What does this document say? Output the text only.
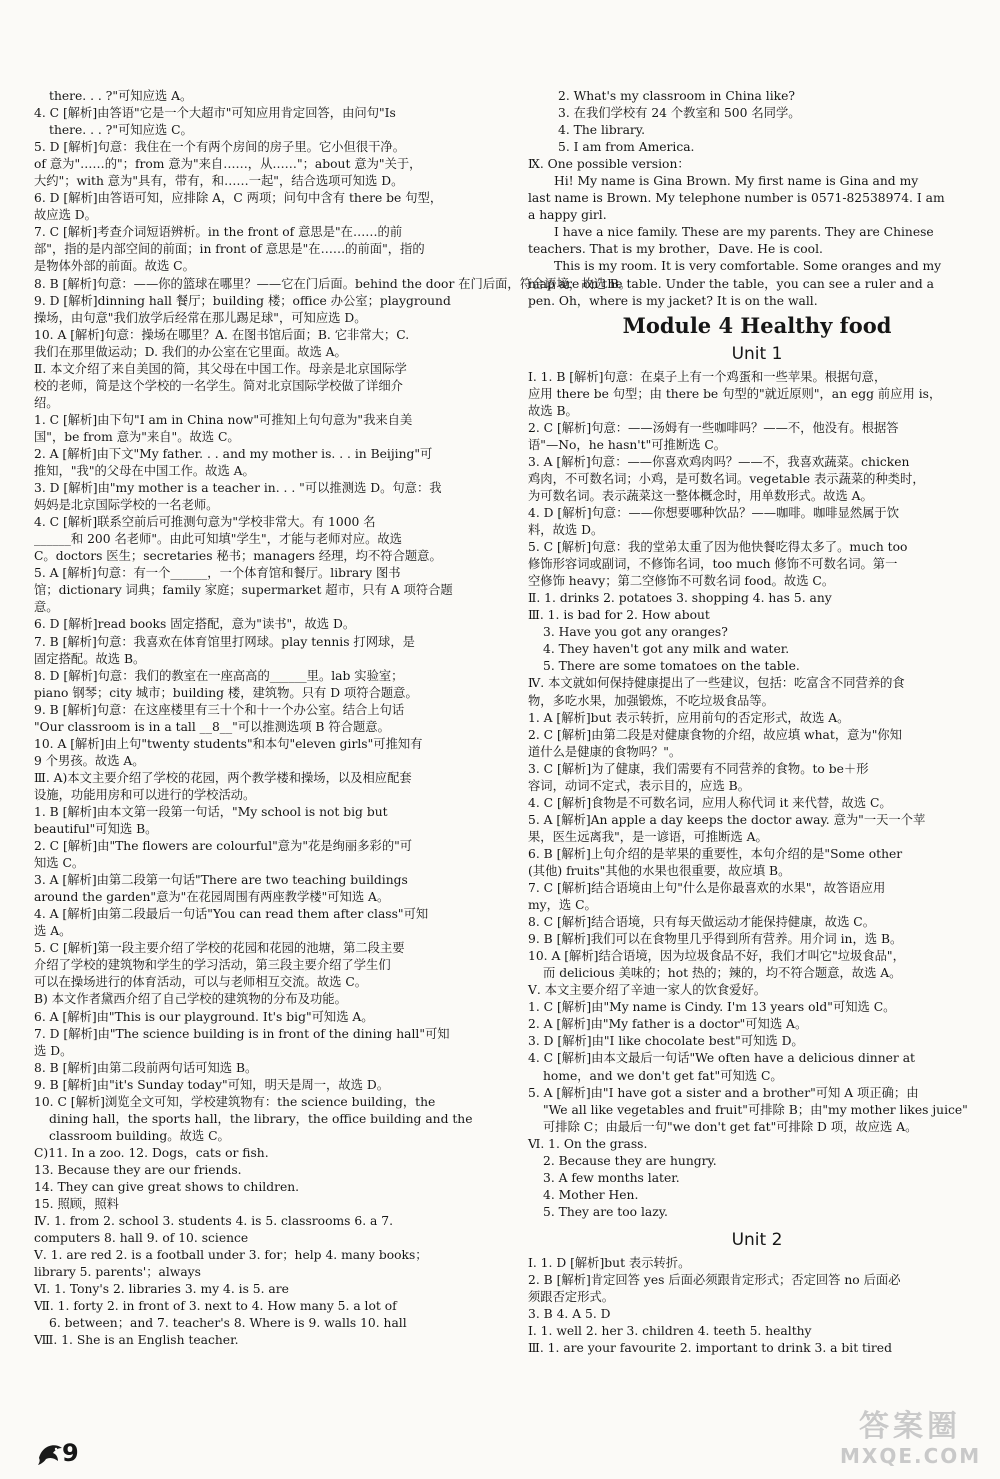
there. . . ?"可知应选 A。
4. C [解析]由答语"它是一个大超市"可知应用肯定回答，由问句"Is
there. . . ?"可知应选 C。
5. D [解析]句意：我住在一个有两个房间的房子里。它小但很干净。
of 意为"……的"；from 意为"来自……，从……"；about 意为"关于，
大约"；with 意为"具有，带有，和……一起"，结合选项可知选 D。
6. D [解析]由答语可知，应排除 A，C 两项；问句中含有 there be 句型，
故应选 D。
7. C [解析]考查介词短语辨析。in the front of 意思是"在……的前
部"，指的是内部空间的前面；in front of 意思是"在……的前面"，指的
是物体外部的前面。故选 C。
8. B [解析]句意：——你的篮球在哪里？——它在门后面。behind the door 在门后面，符合语境，故选 B。
9. D [解析]dinning hall 餐厅；building 楼；office 办公室；playground
操场，由句意"我们放学后经常在那儿踢足球"，可知应选 D。
10. A [解析]句意：操场在哪里？A. 在图书馆后面；B. 它非常大；C.
我们在那里做运动；D. 我们的办公室在它里面。故选 A。
Ⅱ. 本文介绍了来自美国的简，其父母在中国工作。母亲是北京国际学
校的老师，简是这个学校的一名学生。简对北京国际学校做了详细介
绍。
1. C [解析]由下句"I am in China now"可推知上句句意为"我来自美
国"，be from 意为"来自"。故选 C。
2. A [解析]由下文"My father. . . and my mother is. . . in Beijing"可
推知，"我"的父母在中国工作。故选 A。
3. D [解析]由"my mother is a teacher in. . . "可以推测选 D。句意：我
妈妈是北京国际学校的一名老师。
4. C [解析]联系空前后可推测句意为"学校非常大。有 1000 名
______和 200 名老师"。由此可知填"学生"，才能与老师对应。故选
C。doctors 医生；secretaries 秘书；managers 经理，均不符合题意。
5. A [解析]句意：有一个______，一个体育馆和餐厅。library 图书
馆；dictionary 词典；family 家庭；supermarket 超市，只有 A 项符合题
意。
6. D [解析]read books 固定搭配，意为"读书"，故选 D。
7. B [解析]句意：我喜欢在体育馆里打网球。play tennis 打网球，是
固定搭配。故选 B。
8. D [解析]句意：我们的教室在一座高高的______里。lab 实验室；
piano 钢琴；city 城市；building 楼，建筑物。只有 D 项符合题意。
9. B [解析]句意：在这座楼里有三十个和十一个办公室。结合上句话
"Our classroom is in a tall __8__"可以推测选项 B 符合题意。
10. A [解析]由上句"twenty students"和本句"eleven girls"可推知有
9 个男孩。故选 A。
Ⅲ. A)本文主要介绍了学校的花园，两个教学楼和操场，以及相应配套
设施，功能用房和可以进行的学校活动。
1. B [解析]由本文第一段第一句话，"My school is not big but
beautiful"可知选 B。
2. C [解析]由"The flowers are colourful"意为"花是绚丽多彩的"可
知选 C。
3. A [解析]由第二段第一句话"There are two teaching buildings
around the garden"意为"在花园周围有两座教学楼"可知选 A。
4. A [解析]由第二段最后一句话"You can read them after class"可知
选 A。
5. C [解析]第一段主要介绍了学校的花园和花园的池塘，第二段主要
介绍了学校的建筑物和学生的学习活动，第三段主要介绍了学生们
可以在操场进行的体育活动，可以与老师相互交流。故选 C。
B) 本文作者黛西介绍了自己学校的建筑物的分布及功能。
6. A [解析]由"This is our playground. It's big"可知选 A。
7. D [解析]由"The science building is in front of the dining hall"可知
选 D。
8. B [解析]由第二段前两句话可知选 B。
9. B [解析]由"it's Sunday today"可知，明天是周一，故选 D。
10. C [解析]浏览全文可知，学校建筑物有：the science building，the
dining hall，the sports hall，the library，the office building and the
classroom building。故选 C。
C)11. In a zoo. 12. Dogs，cats or fish.
13. Because they are our friends.
14. They can give great shows to children.
15. 照顾，照料
Ⅳ. 1. from 2. school 3. students 4. is 5. classrooms 6. a 7.
computers 8. hall 9. of 10. science
Ⅴ. 1. are red 2. is a football under 3. for；help 4. many books；
library 5. parents'；always
Ⅵ. 1. Tony's 2. libraries 3. my 4. is 5. are
Ⅶ. 1. forty 2. in front of 3. next to 4. How many 5. a lot of
6. between；and 7. teacher's 8. Where is 9. walls 10. hall
Ⅷ. 1. She is an English teacher.
2. What's my classroom in China like?
3. 在我们学校有 24 个教室和 500 名同学。
4. The library.
5. I am from America.
Ⅸ. One possible version：
Hi! My name is Gina Brown. My first name is Gina and my
last name is Brown. My telephone number is 0571-82538974. I am
a happy girl.
I have a nice family. These are my parents. They are Chinese
teachers. That is my brother，Dave. He is cool.
This is my room. It is very comfortable. Some oranges and my
map are on the table. Under the table，you can see a ruler and a
pen. Oh，where is my jacket? It is on the wall.
Module 4 Healthy food
Unit 1
Ⅰ. 1. B [解析]句意：在桌子上有一个鸡蛋和一些苹果。根据句意，
应用 there be 句型；由 there be 句型的"就近原则"，an egg 前应用 is，
故选 B。
2. C [解析]句意：——汤姆有一些咖啡吗？——不，他没有。根据答
语"—No，he hasn't"可推断选 C。
3. A [解析]句意：——你喜欢鸡肉吗？——不，我喜欢蔬菜。chicken
鸡肉，不可数名词；小鸡，是可数名词。vegetable 表示蔬菜的种类时，
为可数名词。表示蔬菜这一整体概念时，用单数形式。故选 A。
4. D [解析]句意：——你想要哪种饮品？——咖啡。咖啡显然属于饮
料，故选 D。
5. C [解析]句意：我的堂弟太重了因为他快餐吃得太多了。much too
修饰形容词或副词，不修饰名词，too much 修饰不可数名词。第一
空修饰 heavy；第二空修饰不可数名词 food。故选 C。
Ⅱ. 1. drinks 2. potatoes 3. shopping 4. has 5. any
Ⅲ. 1. is bad for 2. How about
3. Have you got any oranges?
4. They haven't got any milk and water.
5. There are some tomatoes on the table.
Ⅳ. 本文就如何保持健康提出了一些建议，包括：吃富含不同营养的食
物，多吃水果，加强锻炼，不吃垃圾食品等。
1. A [解析]but 表示转折，应用前句的否定形式，故选 A。
2. C [解析]由第二段是对健康食物的介绍，故应填 what，意为"你知
道什么是健康的食物吗？"。
3. C [解析]为了健康，我们需要有不同营养的食物。to be＋形
容词，动词不定式，表示目的，应选 B。
4. C [解析]食物是不可数名词，应用人称代词 it 来代替，故选 C。
5. A [解析]An apple a day keeps the doctor away. 意为"一天一个苹
果，医生远离我"，是一谚语，可推断选 A。
6. B [解析]上句介绍的是苹果的重要性，本句介绍的是"Some other
(其他) fruits"其他的水果也很重要，故应填 B。
7. C [解析]结合语境由上句"什么是你最喜欢的水果"，故答语应用
my，选 C。
8. C [解析]结合语境，只有每天做运动才能保持健康，故选 C。
9. B [解析]我们可以在食物里几乎得到所有营养。用介词 in，选 B。
10. A [解析]结合语境，因为垃圾食品不好，我们才叫它"垃圾食品"，
而 delicious 美味的；hot 热的；辣的，均不符合题意，故选 A。
Ⅴ. 本文主要介绍了辛迪一家人的饮食爱好。
1. C [解析]由"My name is Cindy. I'm 13 years old"可知选 C。
2. A [解析]由"My father is a doctor"可知选 A。
3. D [解析]由"I like chocolate best"可知选 D。
4. C [解析]由本文最后一句话"We often have a delicious dinner at
home，and we don't get fat"可知选 C。
5. A [解析]由"I have got a sister and a brother"可知 A 项正确；由
"We all like vegetables and fruit"可排除 B；由"my mother likes juice"
可排除 C；由最后一句"we don't get fat"可排除 D 项，故应选 A。
Ⅵ. 1. On the grass.
2. Because they are hungry.
3. A few months later.
4. Mother Hen.
5. They are too lazy.
Unit 2
Ⅰ. 1. D [解析]but 表示转折。
2. B [解析]肯定回答 yes 后面必须跟肯定形式；否定回答 no 后面必
须跟否定形式。
3. B 4. A 5. D
Ⅰ. 1. well 2. her 3. children 4. teeth 5. healthy
Ⅲ. 1. are your favourite 2. important to drink 3. a bit tired
9
答案圈
MXQE.COM
